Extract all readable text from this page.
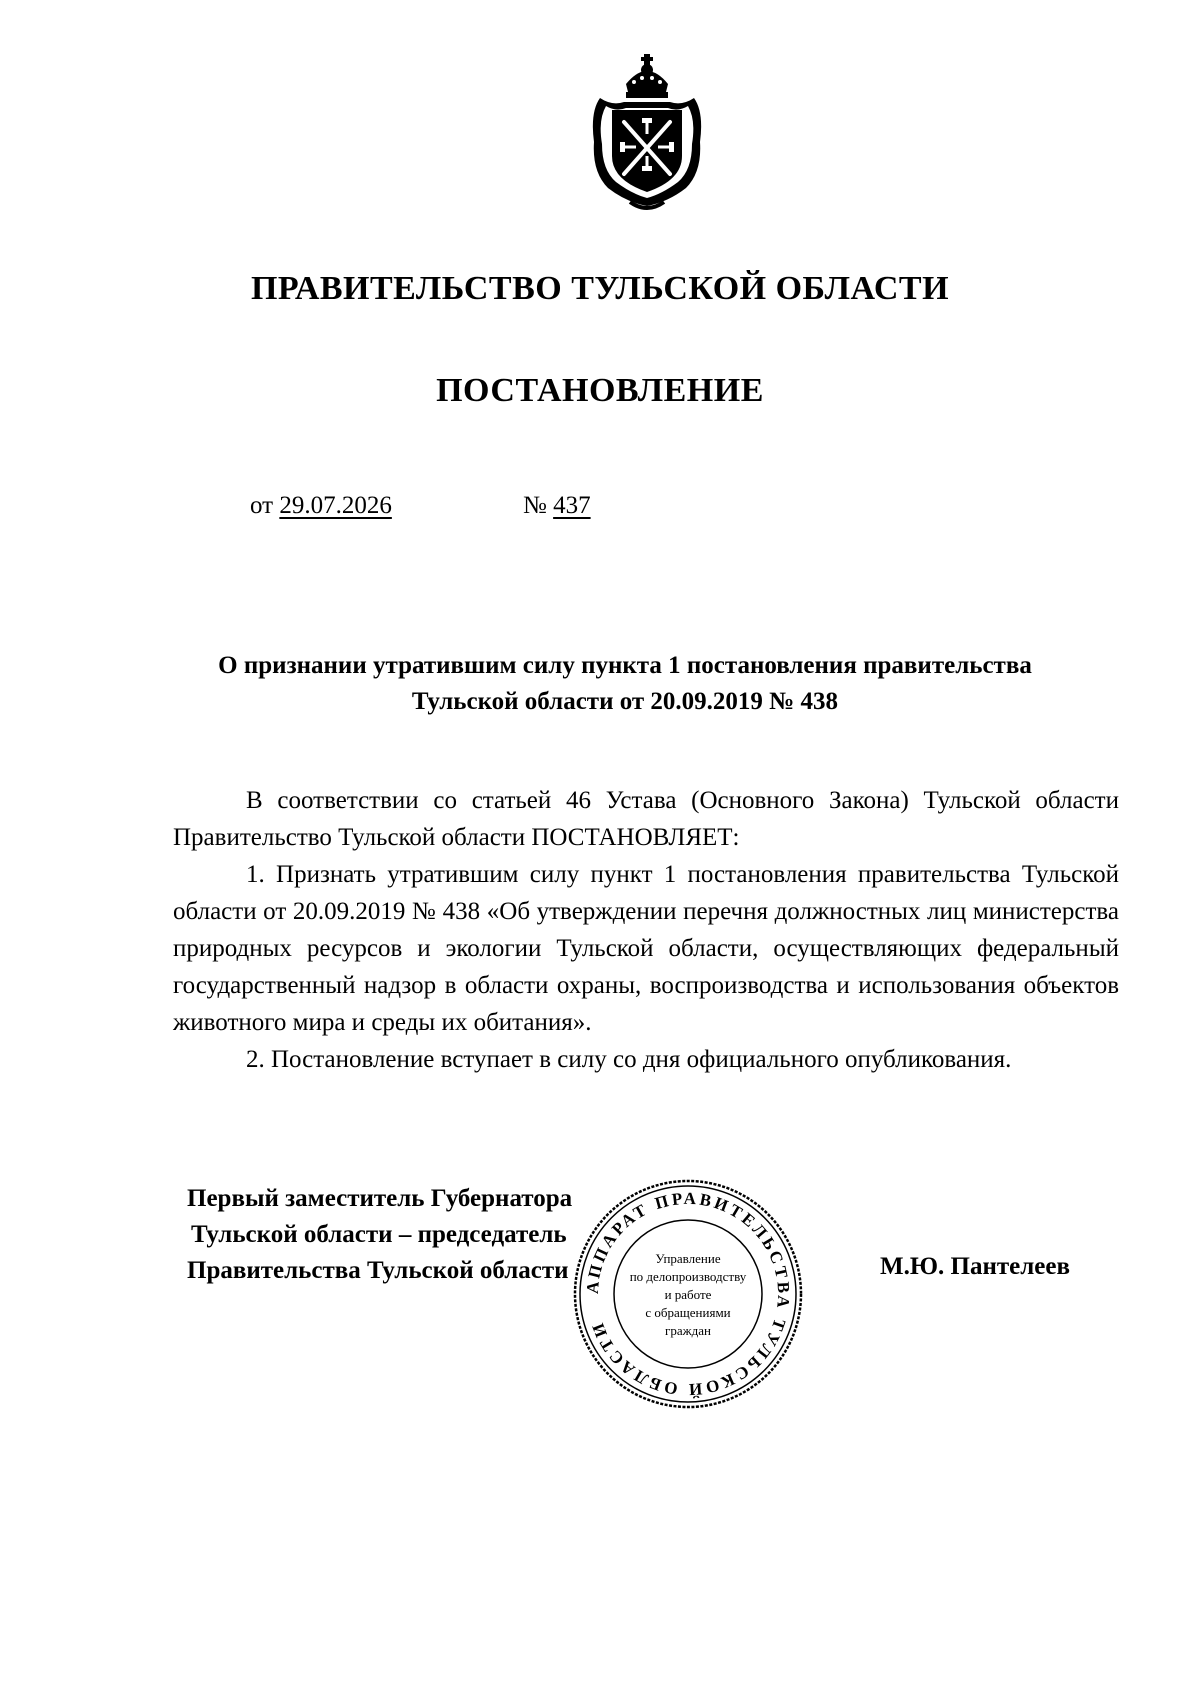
ПРАВИТЕЛЬСТВО ТУЛЬСКОЙ ОБЛАСТИ
ПОСТАНОВЛЕНИЕ
от 29.07.2026	№ 437
О признании утратившим силу пункта 1 постановления правительства
Тульской области от 20.09.2019 № 438

В соответствии со статьей 46 Устава (Основного Закона) Тульской области Правительство Тульской области ПОСТАНОВЛЯЕТ:

1. Признать утратившим силу пункт 1 постановления правительства Тульской области от 20.09.2019 № 438 «Об утверждении перечня должностных лиц министерства природных ресурсов и экологии Тульской области, осуществляющих федеральный государственный надзор в области охраны, воспроизводства и использования объектов животного мира и среды их обитания».

2. Постановление вступает в силу со дня официального опубликования.

Первый заместитель Губернатора
Тульской области – председатель
Правительства Тульской области	М.Ю. Пантелеев
АППАРАТ ПРАВИТЕЛЬСТВА ТУЛЬСКОЙ ОБЛАСТИ
Управление
по делопроизводству
и работе
с обращениями
граждан
